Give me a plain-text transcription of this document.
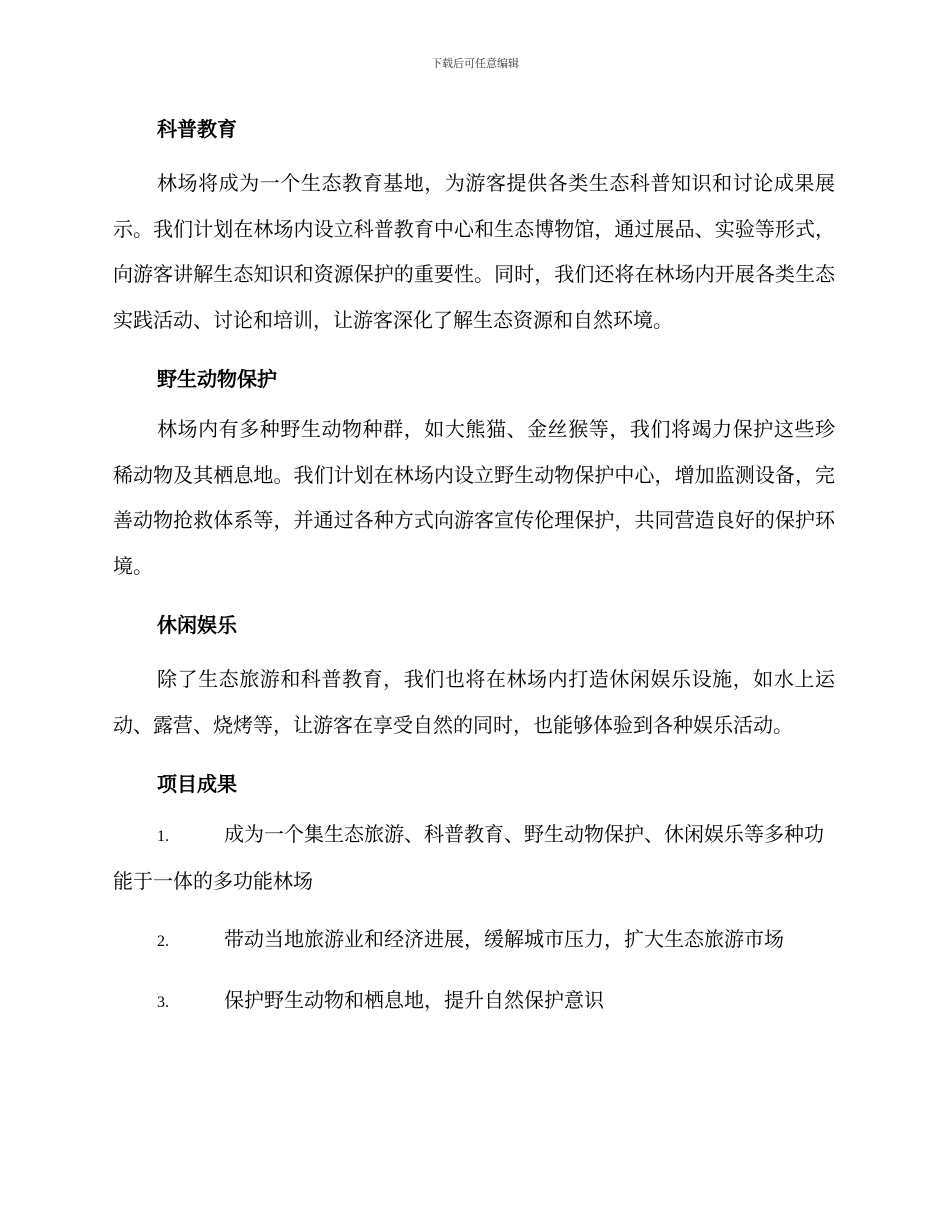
下载后可任意编辑
科普教育

林场将成为一个生态教育基地，为游客提供各类生态科普知识和讨论成果展示。我们计划在林场内设立科普教育中心和生态博物馆，通过展品、实验等形式，向游客讲解生态知识和资源保护的重要性。同时，我们还将在林场内开展各类生态实践活动、讨论和培训，让游客深化了解生态资源和自然环境。

野生动物保护

林场内有多种野生动物种群，如大熊猫、金丝猴等，我们将竭力保护这些珍稀动物及其栖息地。我们计划在林场内设立野生动物保护中心，增加监测设备，完善动物抢救体系等，并通过各种方式向游客宣传伦理保护，共同营造良好的保护环境。

休闲娱乐

除了生态旅游和科普教育，我们也将在林场内打造休闲娱乐设施，如水上运动、露营、烧烤等，让游客在享受自然的同时，也能够体验到各种娱乐活动。

项目成果
1.	成为一个集生态旅游、科普教育、野生动物保护、休闲娱乐等多种功能于一体的多功能林场
2.	带动当地旅游业和经济进展，缓解城市压力，扩大生态旅游市场
3.	保护野生动物和栖息地，提升自然保护意识
